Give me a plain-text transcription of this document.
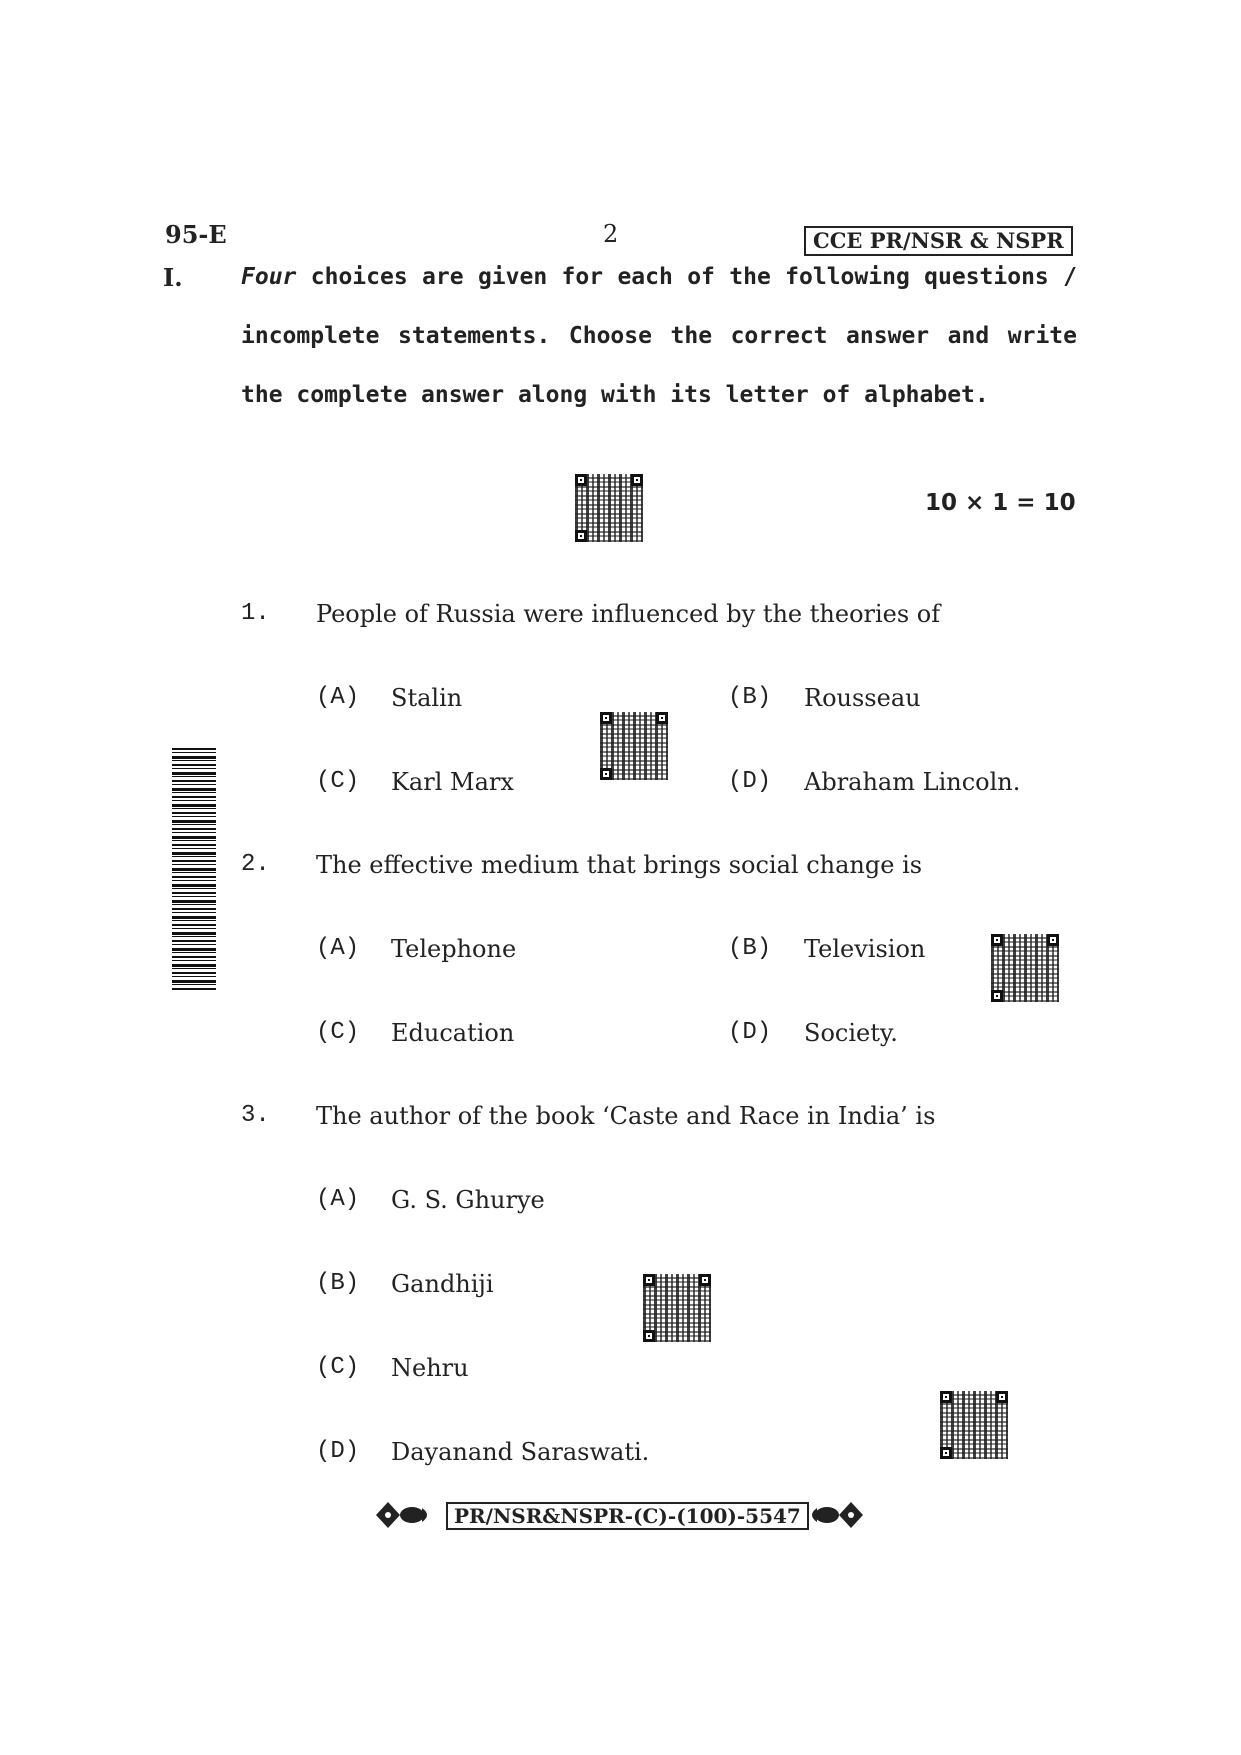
95-E	2	CCE PR/NSR & NSPR
I.	Four choices are given for each of the following questions /
incomplete statements. Choose the correct answer and write
the complete answer along with its letter of alphabet.
10 × 1 = 10
1. People of Russia were influenced by the theories of
(A) Stalin	(B) Rousseau
(C) Karl Marx	(D) Abraham Lincoln.
2. The effective medium that brings social change is
(A) Telephone	(B) Television
(C) Education	(D) Society.
3. The author of the book ‘Caste and Race in India’ is
(A) G. S. Ghurye
(B) Gandhiji
(C) Nehru
(D) Dayanand Saraswati.
PR/NSR&NSPR-(C)-(100)-5547
